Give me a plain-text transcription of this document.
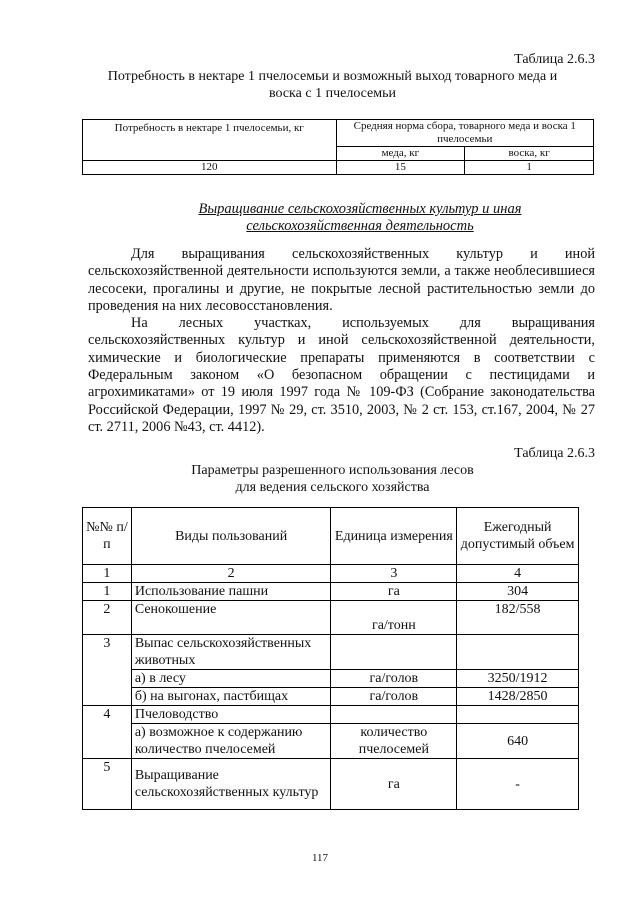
Таблица 2.6.3
Потребность в нектаре 1 пчелосемьи и возможный выход товарного меда и
воска с 1 пчелосемьи
Потребность в нектаре 1 пчелосемьи, кг	Средняя норма сбора, товарного меда и воска 1 пчелосемьи	
	меда, кг	воска, кг
120	15	1
Выращивание сельскохозяйственных культур и иная
сельскохозяйственная деятельность

Для выращивания сельскохозяйственных культур и иной сельскохозяйственной деятельности используются земли, а также необлесившиеся лесосеки, прогалины и другие, не покрытые лесной растительностью земли до проведения на них лесовосстановления.

На лесных участках, используемых для выращивания сельскохозяйственных культур и иной сельскохозяйственной деятельности, химические и биологические препараты применяются в соответствии с Федеральным законом «О безопасном обращении с пестицидами и агрохимикатами» от 19 июля 1997 года № 109-ФЗ (Собрание законодательства Российской Федерации, 1997 № 29, ст. 3510, 2003, № 2 ст. 153, ст.167, 2004, № 27 ст. 2711, 2006 №43, ст. 4412).

Таблица 2.6.3
Параметры разрешенного использования лесов
для ведения сельского хозяйства
№№ п/п	Виды пользований	Единица измерения	Ежегодный допустимый объем
1	2	3	4
1	Использование пашни	га	304
2	Сенокошение	га/тонн	182/558
3	Выпас сельскохозяйственных животных		
	а) в лесу	га/голов	3250/1912
	б) на выгонах, пастбищах	га/голов	1428/2850
4	Пчеловодство		
	а) возможное к содержанию количество пчелосемей	количество пчелосемей	640
5	Выращивание сельскохозяйственных культур	га	-
117
